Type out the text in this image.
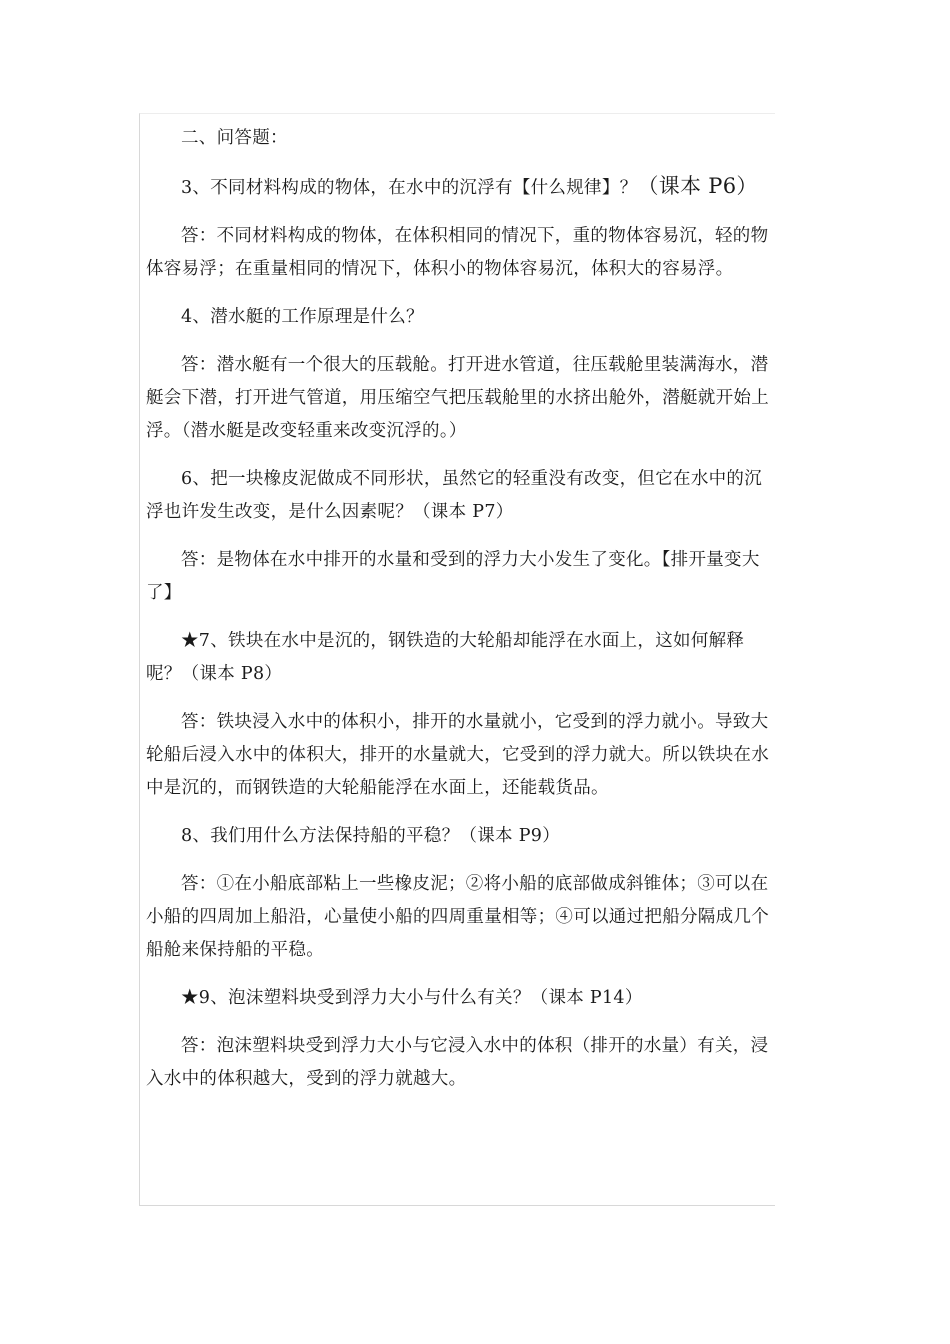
二、问答题：

3、不同材料构成的物体，在水中的沉浮有【什么规律】？（课本 P6）

答：不同材料构成的物体，在体积相同的情况下，重的物体容易沉，轻的物体容易浮；在重量相同的情况下，体积小的物体容易沉，体积大的容易浮。

4、潜水艇的工作原理是什么？

答：潜水艇有一个很大的压载舱。打开进水管道，往压载舱里装满海水，潜艇会下潜，打开进气管道，用压缩空气把压载舱里的水挤出舱外，潜艇就开始上浮。（潜水艇是改变轻重来改变沉浮的。）

6、把一块橡皮泥做成不同形状，虽然它的轻重没有改变，但它在水中的沉浮也许发生改变，是什么因素呢？（课本 P7）

答：是物体在水中排开的水量和受到的浮力大小发生了变化。【排开量变大了】

★7、铁块在水中是沉的，钢铁造的大轮船却能浮在水面上，这如何解释呢？（课本 P8）

答：铁块浸入水中的体积小，排开的水量就小，它受到的浮力就小。导致大轮船后浸入水中的体积大，排开的水量就大，它受到的浮力就大。所以铁块在水中是沉的，而钢铁造的大轮船能浮在水面上，还能载货品。

8、我们用什么方法保持船的平稳？（课本 P9）

答：①在小船底部粘上一些橡皮泥；②将小船的底部做成斜锥体；③可以在小船的四周加上船沿，心量使小船的四周重量相等；④可以通过把船分隔成几个船舱来保持船的平稳。

★9、泡沫塑料块受到浮力大小与什么有关？（课本 P14）

答：泡沫塑料块受到浮力大小与它浸入水中的体积（排开的水量）有关，浸入水中的体积越大，受到的浮力就越大。
